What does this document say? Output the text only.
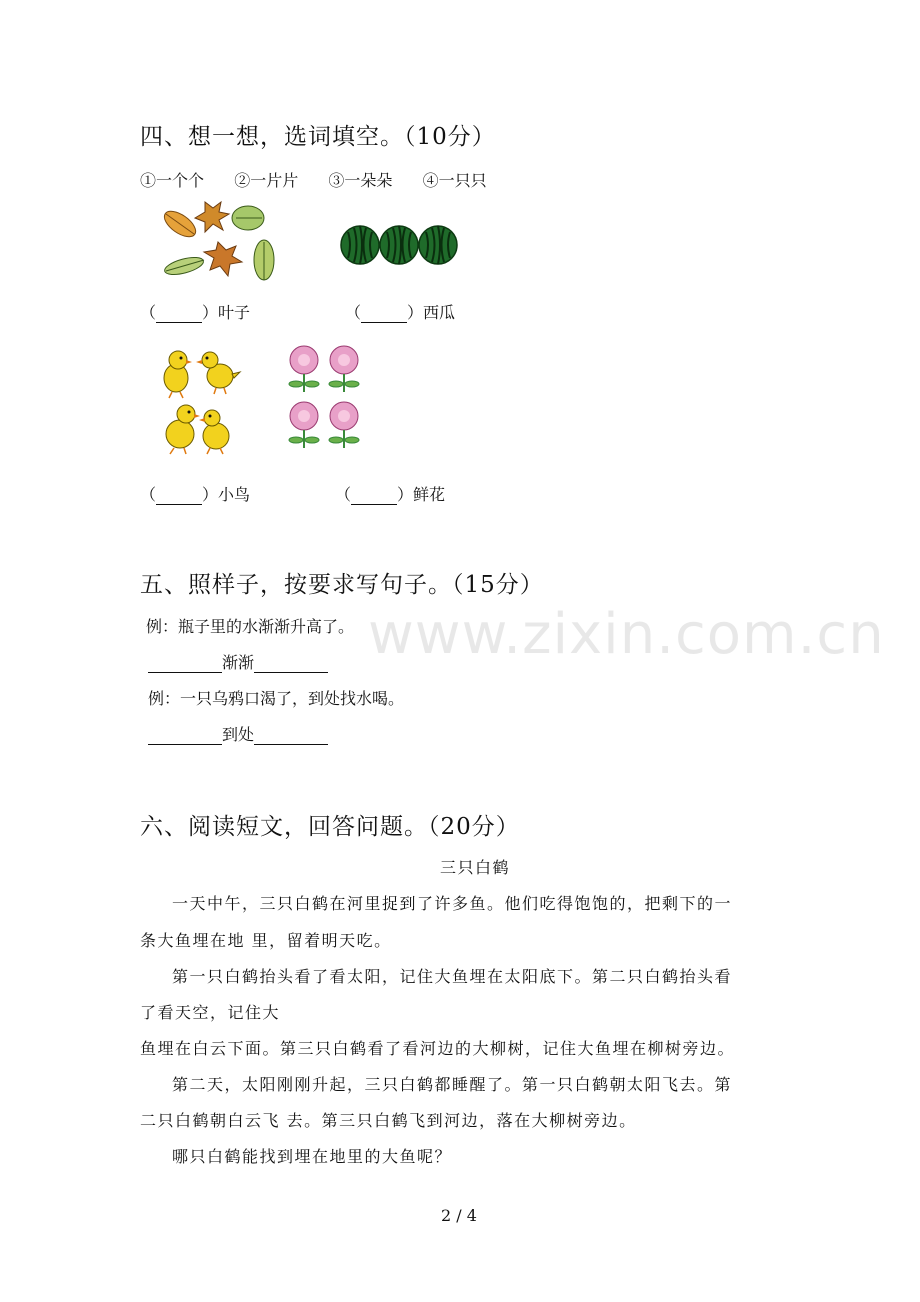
四、想一想，选词填空。（10分）
①一个个 ②一片片 ③一朵朵 ④一只只
（	）叶子	（	）西瓜
（	）小鸟	（	）鲜花
五、照样子，按要求写句子。（15分）
www.zixin.com.cn
例：瓶子里的水渐渐升高了。
渐渐
例：一只乌鸦口渴了，到处找水喝。
到处
六、阅读短文，回答问题。（20分）
三只白鹤
一天中午，三只白鹤在河里捉到了许多鱼。他们吃得饱饱的，把剩下的一
条大鱼埋在地 里，留着明天吃。
第一只白鹤抬头看了看太阳，记住大鱼埋在太阳底下。第二只白鹤抬头看
了看天空，记住大
鱼埋在白云下面。第三只白鹤看了看河边的大柳树，记住大鱼埋在柳树旁边。
第二天，太阳刚刚升起，三只白鹤都睡醒了。第一只白鹤朝太阳飞去。第
二只白鹤朝白云飞 去。第三只白鹤飞到河边，落在大柳树旁边。
哪只白鹤能找到埋在地里的大鱼呢？
2 / 4
